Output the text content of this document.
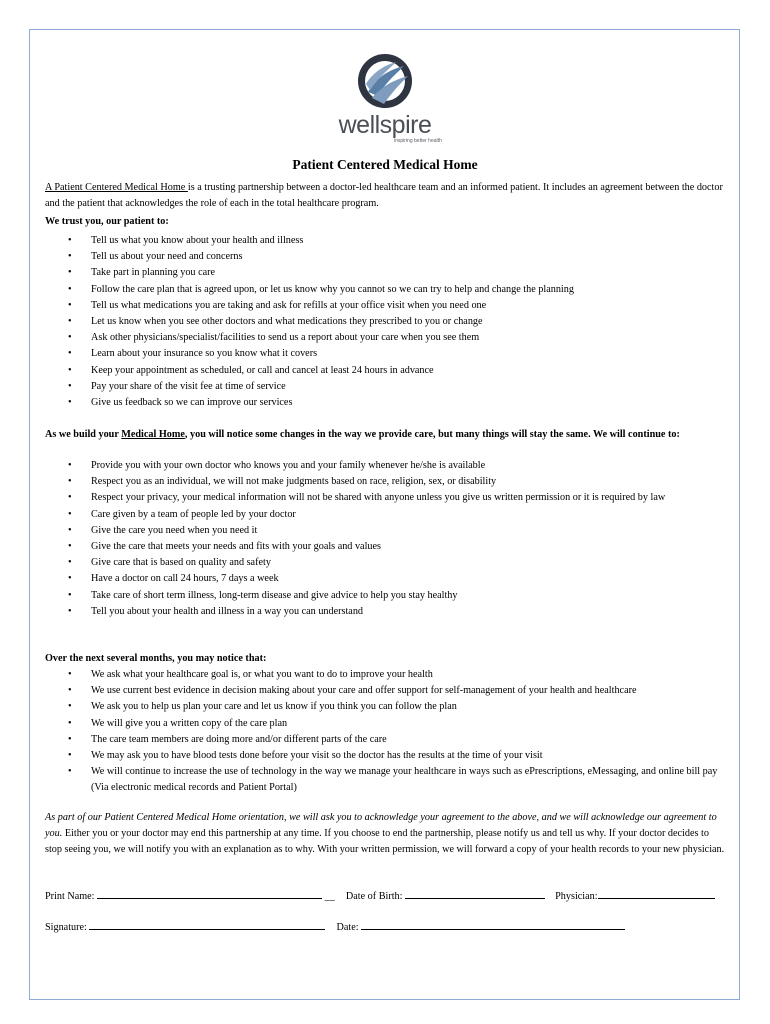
wellspire
inspiring better health
Patient Centered Medical Home
A Patient Centered Medical Home is a trusting partnership between a doctor-led healthcare team and an informed patient. It includes an agreement between the doctor and the patient that acknowledges the role of each in the total healthcare program.
We trust you, our patient to:
• Tell us what you know about your health and illness
• Tell us about your need and concerns
• Take part in planning you care
• Follow the care plan that is agreed upon, or let us know why you cannot so we can try to help and change the planning
• Tell us what medications you are taking and ask for refills at your office visit when you need one
• Let us know when you see other doctors and what medications they prescribed to you or change
• Ask other physicians/specialist/facilities to send us a report about your care when you see them
• Learn about your insurance so you know what it covers
• Keep your appointment as scheduled, or call and cancel at least 24 hours in advance
• Pay your share of the visit fee at time of service
• Give us feedback so we can improve our services
As we build your Medical Home, you will notice some changes in the way we provide care, but many things will stay the same. We will continue to:
• Provide you with your own doctor who knows you and your family whenever he/she is available
• Respect you as an individual, we will not make judgments based on race, religion, sex, or disability
• Respect your privacy, your medical information will not be shared with anyone unless you give us written permission or it is required by law
• Care given by a team of people led by your doctor
• Give the care you need when you need it
• Give the care that meets your needs and fits with your goals and values
• Give care that is based on quality and safety
• Have a doctor on call 24 hours, 7 days a week
• Take care of short term illness, long-term disease and give advice to help you stay healthy
• Tell you about your health and illness in a way you can understand
Over the next several months, you may notice that:
• We ask what your healthcare goal is, or what you want to do to improve your health
• We use current best evidence in decision making about your care and offer support for self-management of your health and healthcare
• We ask you to help us plan your care and let us know if you think you can follow the plan
• We will give you a written copy of the care plan
• The care team members are doing more and/or different parts of the care
• We may ask you to have blood tests done before your visit so the doctor has the results at the time of your visit
• We will continue to increase the use of technology in the way we manage your healthcare in ways such as ePrescriptions, eMessaging, and online bill pay (Via electronic medical records and Patient Portal)
As part of our Patient Centered Medical Home orientation, we will ask you to acknowledge your agreement to the above, and we will acknowledge our agreement to you. Either you or your doctor may end this partnership at any time. If you choose to end the partnership, please notify us and tell us why. If your doctor decides to stop seeing you, we will notify you with an explanation as to why. With your written permission, we will forward a copy of your health records to your new physician.
Print Name:	__ Date of Birth:	Physician:
Signature:	Date:
